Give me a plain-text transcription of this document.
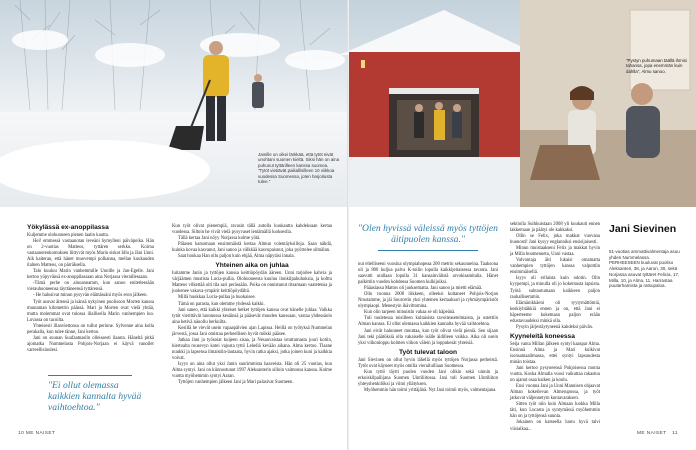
Jamille on oikei lärkkää, että tytöt eivät unohtani suomen kieltä. Siksi hän on aina puhunut tyttärilleen kanssa suomea. "Tytöt vietiävät paikallisilleen 10 viikkoa vuodessa Suomessa, joten harjoitusta tulee."
"Pystyn puhumaan täällä ihmisi tahansa, jopa enemmän kuin dahlla", Almu sanoo.
Yökylässä ex-anoppilassa

Kuljemme olohuoneen pienen laatin kautta.

Hei! emmessä vastaanotan leveäni hymylleni päiväpoika. Hän on 2-vuotias Matteos, tyttären serkku. Koirna vastaanoteokomuksen liittyvät myös Marin siskot Idlu ja Jäni Unni. Aik kaiteran, että hänet muovempi polkanna, mellan kuukauden ilalnen Matteos, on pärräksella.

Talo kuuluu Marin vanhemmille Unnille ja Jan-Egelle. Jani kertoo yöpyvänsä ex-anoppilassaan aina Norjassa vieraillessaan.

-Tämä perhe on ainoannamm, kun sanoo enitetleesään vierauhuoneensa täyttäneensä tyttärensä.

- He halusivat minun pysyvän elämässäni myös eron jälkeen.

Työt asuvat äitensä ja isänsä nykyinen puolisoon Morten kanssa muutaman kilometrin päässä. Mari ja Morten ovat vielä yhtää, mutta molemmat ovat tulossa illallisella Marin vanhempien luo. Luvassa on tacoilta.

Yhteisesti illanviettonsa on tullut perinne. Sylvenne aina kolla perakalla, kun tulee tänne, Jani kertoo.

Jani on suunan Suufaatnaslin olleissesti ilaasta. Häneltä pitkä ajomatka Nummelasta Pohjois-Norjaan ei käyvä vanoiler varreellisinulesi.

"Ei ollut olemassa kaikkien kannalta hyvää vaihtoehtoa."

Kun työt olivat pienempiä, ravasin tällä autolla kuukautta kahdeksaan kertaa vuodessa. Siltoin he vivät vielä pysyvaset lentämällä luokseslla.

Tällä kertaa Jani nöyy Norjassa kolme yötä.

Pälasen katsomaan ensimmäistä kertaa Almun volentäyksilloja. Saan nähdä, kuinka kovaa kasvanut, Jani sanoo ja välkkää kasvupaisnut, joka pyörtelee silmälan.

Saat houkaa Han ollu paljon kuin ehjää, Alma näpytäsi innala.

Yhteinen aika on juhlaa

Iuitamme Janin ja tyttöjen kanssa keittiöpöydän ääreen. Unni tarjoilee kahvia ja värjäämen mustista Lucia-pullia. Olohuoneesta kuuluu ilonkilpahuhoksia, ja kolttu Matteos vilkettää oiti tila sari perässään. Poika on onnistunut ritsamaan vaatetensa ja juokenee vakava-ympärit keittiöpöydältä.

Millä huokkaa Lucia-pullaa ja huokaisee.

Tämä on parasta, kun olemme yhdessä kaikki.

Jani saneo, että kaikki yhteiset hetket tyttöjen kanssa ovat hänelle juhlaa. Valkka tytöt vierittävät luonnossa kesäinsä ja pääsevät muuden kanssaan, vastaa yhdessäolo aina hetivä näuollu herkuilta.

Kesillä he vievät usein vapaapäivien ajan Lapissa. Heillä on työtyksä Nummelan järvestä, jossa Jani omistaa perheellisen hyvät mökki pääsee.

Jatkaa Jani ja työsoiat kuijeen sisaa, ja Nesauvaistaa istuttumasta juuri kotiin, kiertoalta ruusevyn kotei vajusta tyttö Lehellä kevään aikana. Alma kertoo. Tlaane nuukki ja lapsensa ilmaistiin-lautaata, hyvin ratka ajaksi, jotka joinen kuni ja kaikkia voivat.

Isyys on aina ollut yksi Janin suurimmista haaveista. Hän oli 25 vuotias, kun Alma syntyi. Jani on kiinnostunut 1997 Aleksanterin silloin vaimonsa kanssa. Kolme vuotta myöhemmin syntyi Aaran.

Tyttöjen vanhempien jälkeen Jani ja Mari palasivat Suomeen.

"Olen hyvissä väleissä myös tyttöjen äitipuolen kanssa."

nut elielliseeni vuosina olympiahopeaa 200 metrin sekaunneina. Taaksona oli ja 800 kuljua palva K-toilin lopulla kaikkijeitaisessa tavasta. Jani saavutti urallaan lopulla 31 kansainvälistä arvokisamitalia. Hänet palkittiin vuoden kohdessa Suomen kulkijoiksi.

Pääasiassa Mattos oli juoksematta. Jani sanoo ja mietti elämää.

Olin vuonna 2008 liikkeen, olleeksi kultaneet Pohjois-Norjan Nrustamme, ja jäi Sourcetin yksi yhteinen kertaaluuri ja ryhmäympäristöt olympiaopi. Menestyin ikävittomina.

Kun olin tarpeen minuistin vakaa se oli häpeänä.

Tuli tuuletessa toisilleen kultaisista tavoiteasetelmaista, ja ostettiin Alman kanssa. Ei ollut olemassa kaikkien kannalta hyvää vaihtoehtoa.

Jani eivät halunneet muuttaa, kun työt olivat vielä pieniä. Sen sijaan Jani teki päätöksiä olla vakaiselle isälle äidilleen vaikka. Aika oli usein yksi viikonloppu kolmen viikon välein ja loppukesät yhteisiä.

Työt tulevat taloon

Jani Sievinen on ollut hyvin lähellä myös tyttöjen Norjassa perheistä. Tytöt ovat käyneet myös omilla vierailuillaan Suomessa.

Kun tyttö täytti puolen vuoden Jani olikin sekä uinnin ja erkoiskilpailijana Suomen Uintiliitossa. Jani tuli Suomen Uintiliiton yhteyshenkilöksi ja viitoi yllätyksen.

Myöhemmin hän toimi yrittäjänä. Nyt Jani toimii myös, valmentajana.

sektiolla Suihkuistaan 2008 yli kuukauti ennen lakkemaan ja päätyi ole kakkaksi.

Ollin se Felix, joka makkat vuovana huonosti! Jani kysyy englanniksi ensisijaisesti.

Minun muistaakseni Felix ja makkat hyvin ja Milla huomenneta, Unni vastaa.

Valvontaja äiti lukaisi omamatta vanhempien tyttöjen kanssa valpottiin ensimmäisellä.

Isyys oli erilaista kuin odotin. Olin kyypempi, ja minulla oli jo kokemusta lapsista. Työtä suhtautumaan kaikkeen paljon rauhallisemmin.

Elämänikkäeni oli tyytymättömiä, keskiyhtäkkiä ennen ja on, että Jani ei häperteeme kokemaan paljon erään edustavuudeksi minkä olla.

Pysyin järjestäytyneenä kahdeksi päivän.

Kyyneleitä koneessa

Seija vanta Millan jälkeen syntyi kaaspar Alma. Ensinnä Alma ja Mari kulkivat isonsamaailmassa, ettei syntyi lapsuudesta minän toistaa.

Jani kertoo pysyneensä Pohjoisessa monta vuotta. Koska Almalla vuosi vaikuttaa rakastuu on ajanut osaa kaiken ja koulu.

Ensi vuonna Jani ja Unni Mannisen ohjaavat Alman kokeilevan Almerupossa, ja työt jatkuvat väljennetyin kuntavaraksen.

Sitten työt niin kuin Almaan luokka Milla täti, kun Lucasta ja syntymässä myöhemmin hän on ja tyttöjensä suunta.

Jokainen on katseella luotu hyvä talvi viisiaikaa...

Jani Sievinen
51-vuotias ammattivalmentaja asuu yhden Nummelassa. PERHEESEEN kuuluvat puoliso Aleksanteri, 38, ja Aaron, 30, sekä Norjassa asuvat tyttäret Felicia, 17, Milla, 10, ja Alma, 11. Harrastaa puutarhamista ja ratsupaloa.
10 ME NAISET	ME NAISET 11
